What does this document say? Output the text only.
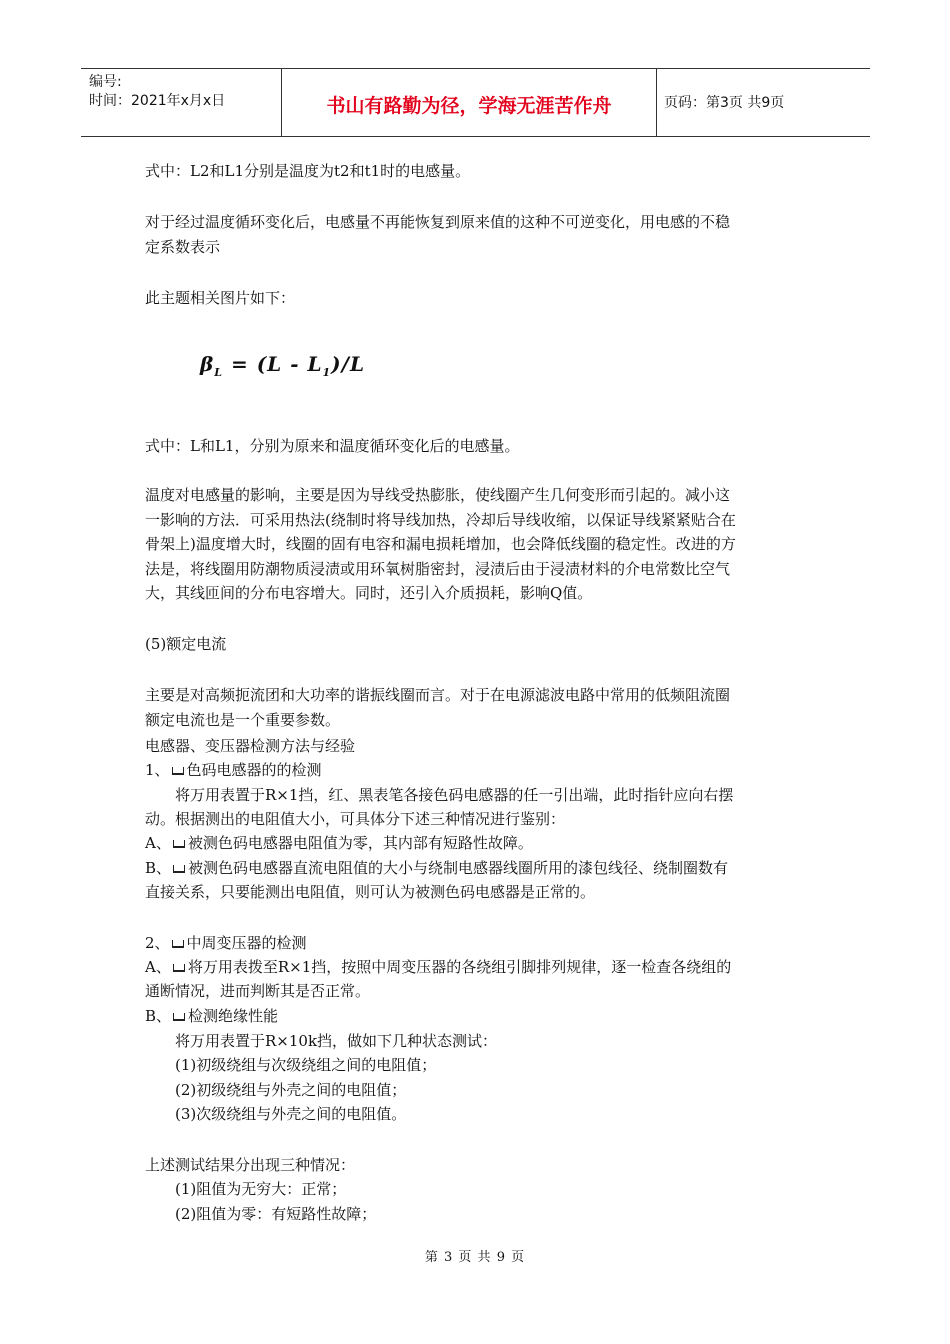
编号:
时间：2021年x月x日	书山有路勤为径，学海无涯苦作舟	页码：第3页 共9页
式中：L2和L1分别是温度为t2和t1时的电感量。
对于经过温度循环变化后，电感量不再能恢复到原来值的这种不可逆变化，用电感的不稳
定系数表示
此主题相关图片如下：
$\beta_L = (L - L_1)/L$
式中：L和L1，分别为原来和温度循环变化后的电感量。
温度对电感量的影响，主要是因为导线受热膨胀，使线圈产生几何变形而引起的。减小这
一影响的方法．可采用热法(绕制时将导线加热，冷却后导线收缩，以保证导线紧紧贴合在
骨架上)温度增大时，线圈的固有电容和漏电损耗增加，也会降低线圈的稳定性。改进的方
法是，将线圈用防潮物质浸渍或用环氧树脂密封，浸渍后由于浸渍材料的介电常数比空气
大，其线匝间的分布电容增大。同时，还引入介质损耗，影响Q值。
(5)额定电流
主要是对高频扼流团和大功率的谐振线圈而言。对于在电源滤波电路中常用的低频阻流圈
额定电流也是一个重要参数。
电感器、变压器检测方法与经验
1、 色码电感器的的检测
将万用表置于R×1挡，红、黑表笔各接色码电感器的任一引出端，此时指针应向右摆
动。根据测出的电阻值大小，可具体分下述三种情况进行鉴别：
A、 被测色码电感器电阻值为零，其内部有短路性故障。
B、 被测色码电感器直流电阻值的大小与绕制电感器线圈所用的漆包线径、绕制圈数有
直接关系，只要能测出电阻值，则可认为被测色码电感器是正常的。
2、 中周变压器的检测
A、 将万用表拨至R×1挡，按照中周变压器的各绕组引脚排列规律，逐一检查各绕组的
通断情况，进而判断其是否正常。
B、 检测绝缘性能
将万用表置于R×10k挡，做如下几种状态测试：
(1)初级绕组与次级绕组之间的电阻值；
(2)初级绕组与外壳之间的电阻值；
(3)次级绕组与外壳之间的电阻值。
上述测试结果分出现三种情况：
(1)阻值为无穷大：正常；
(2)阻值为零：有短路性故障；
第 3 页 共 9 页
